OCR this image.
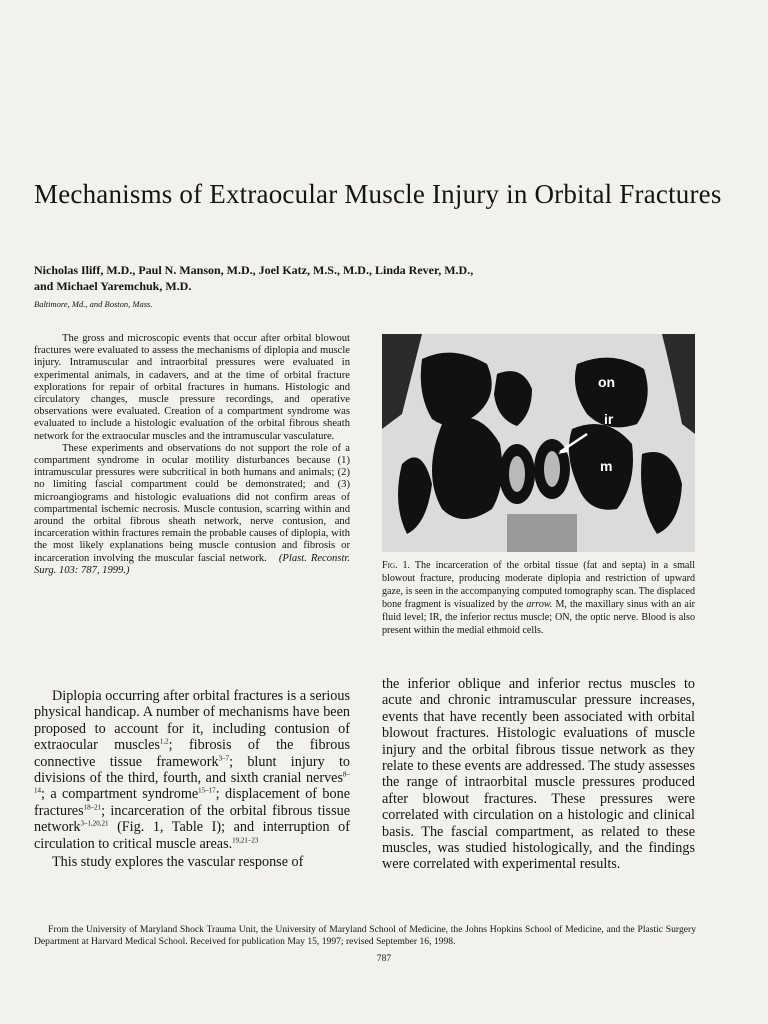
Mechanisms of Extraocular Muscle Injury in Orbital Fractures
Nicholas Iliff, M.D., Paul N. Manson, M.D., Joel Katz, M.S., M.D., Linda Rever, M.D.,
and Michael Yaremchuk, M.D.
Baltimore, Md., and Boston, Mass.

The gross and microscopic events that occur after orbital blowout fractures were evaluated to assess the mechanisms of diplopia and muscle injury. Intramuscular and intraorbital pressures were evaluated in experimental animals, in cadavers, and at the time of orbital fracture explorations for repair of orbital fractures in humans. Histologic and circulatory changes, muscle pressure recordings, and operative observations were evaluated. Creation of a compartment syndrome was evaluated to include a histologic evaluation of the orbital fibrous sheath network for the extraocular muscles and the intramuscular vasculature.

These experiments and observations do not support the role of a compartment syndrome in ocular motility disturbances because (1) intramuscular pressures were subcritical in both humans and animals; (2) no limiting fascial compartment could be demonstrated; and (3) microangiograms and histologic evaluations did not confirm areas of compartmental ischemic necrosis. Muscle contusion, scarring within and around the orbital fibrous sheath network, nerve contusion, and incarceration within fractures remain the probable causes of diplopia, with the most likely explanations being muscle contusion and fibrosis or incarceration involving the muscular fascial network. (Plast. Reconstr. Surg. 103: 787, 1999.)

on
ir
m
Fig. 1. The incarceration of the orbital tissue (fat and septa) in a small blowout fracture, producing moderate diplopia and restriction of upward gaze, is seen in the accompanying computed tomography scan. The displaced bone fragment is visualized by the arrow. M, the maxillary sinus with an air fluid level; IR, the inferior rectus muscle; ON, the optic nerve. Blood is also present within the medial ethmoid cells.

Diplopia occurring after orbital fractures is a serious physical handicap. A number of mechanisms have been proposed to account for it, including contusion of extraocular muscles$^{1,2}$; fibrosis of the fibrous connective tissue framework$^{3-7}$; blunt injury to divisions of the third, fourth, and sixth cranial nerves$^{8-14}$; a compartment syndrome$^{15-17}$; displacement of bone fractures$^{18-21}$; incarceration of the orbital fibrous tissue network$^{3-1,20,21}$ (Fig. 1, Table I); and interruption of circulation to critical muscle areas.$^{19,21-23}$

This study explores the vascular response of

the inferior oblique and inferior rectus muscles to acute and chronic intramuscular pressure increases, events that have recently been associated with orbital blowout fractures. Histologic evaluations of muscle injury and the orbital fibrous tissue network as they relate to these events are addressed. The study assesses the range of intraorbital muscle pressures produced after blowout fractures. These pressures were correlated with circulation on a histologic and clinical basis. The fascial compartment, as related to these muscles, was studied histologically, and the findings were correlated with experimental results.
From the University of Maryland Shock Trauma Unit, the University of Maryland School of Medicine, the Johns Hopkins School of Medicine, and the Plastic Surgery Department at Harvard Medical School. Received for publication May 15, 1997; revised September 16, 1998.
787
